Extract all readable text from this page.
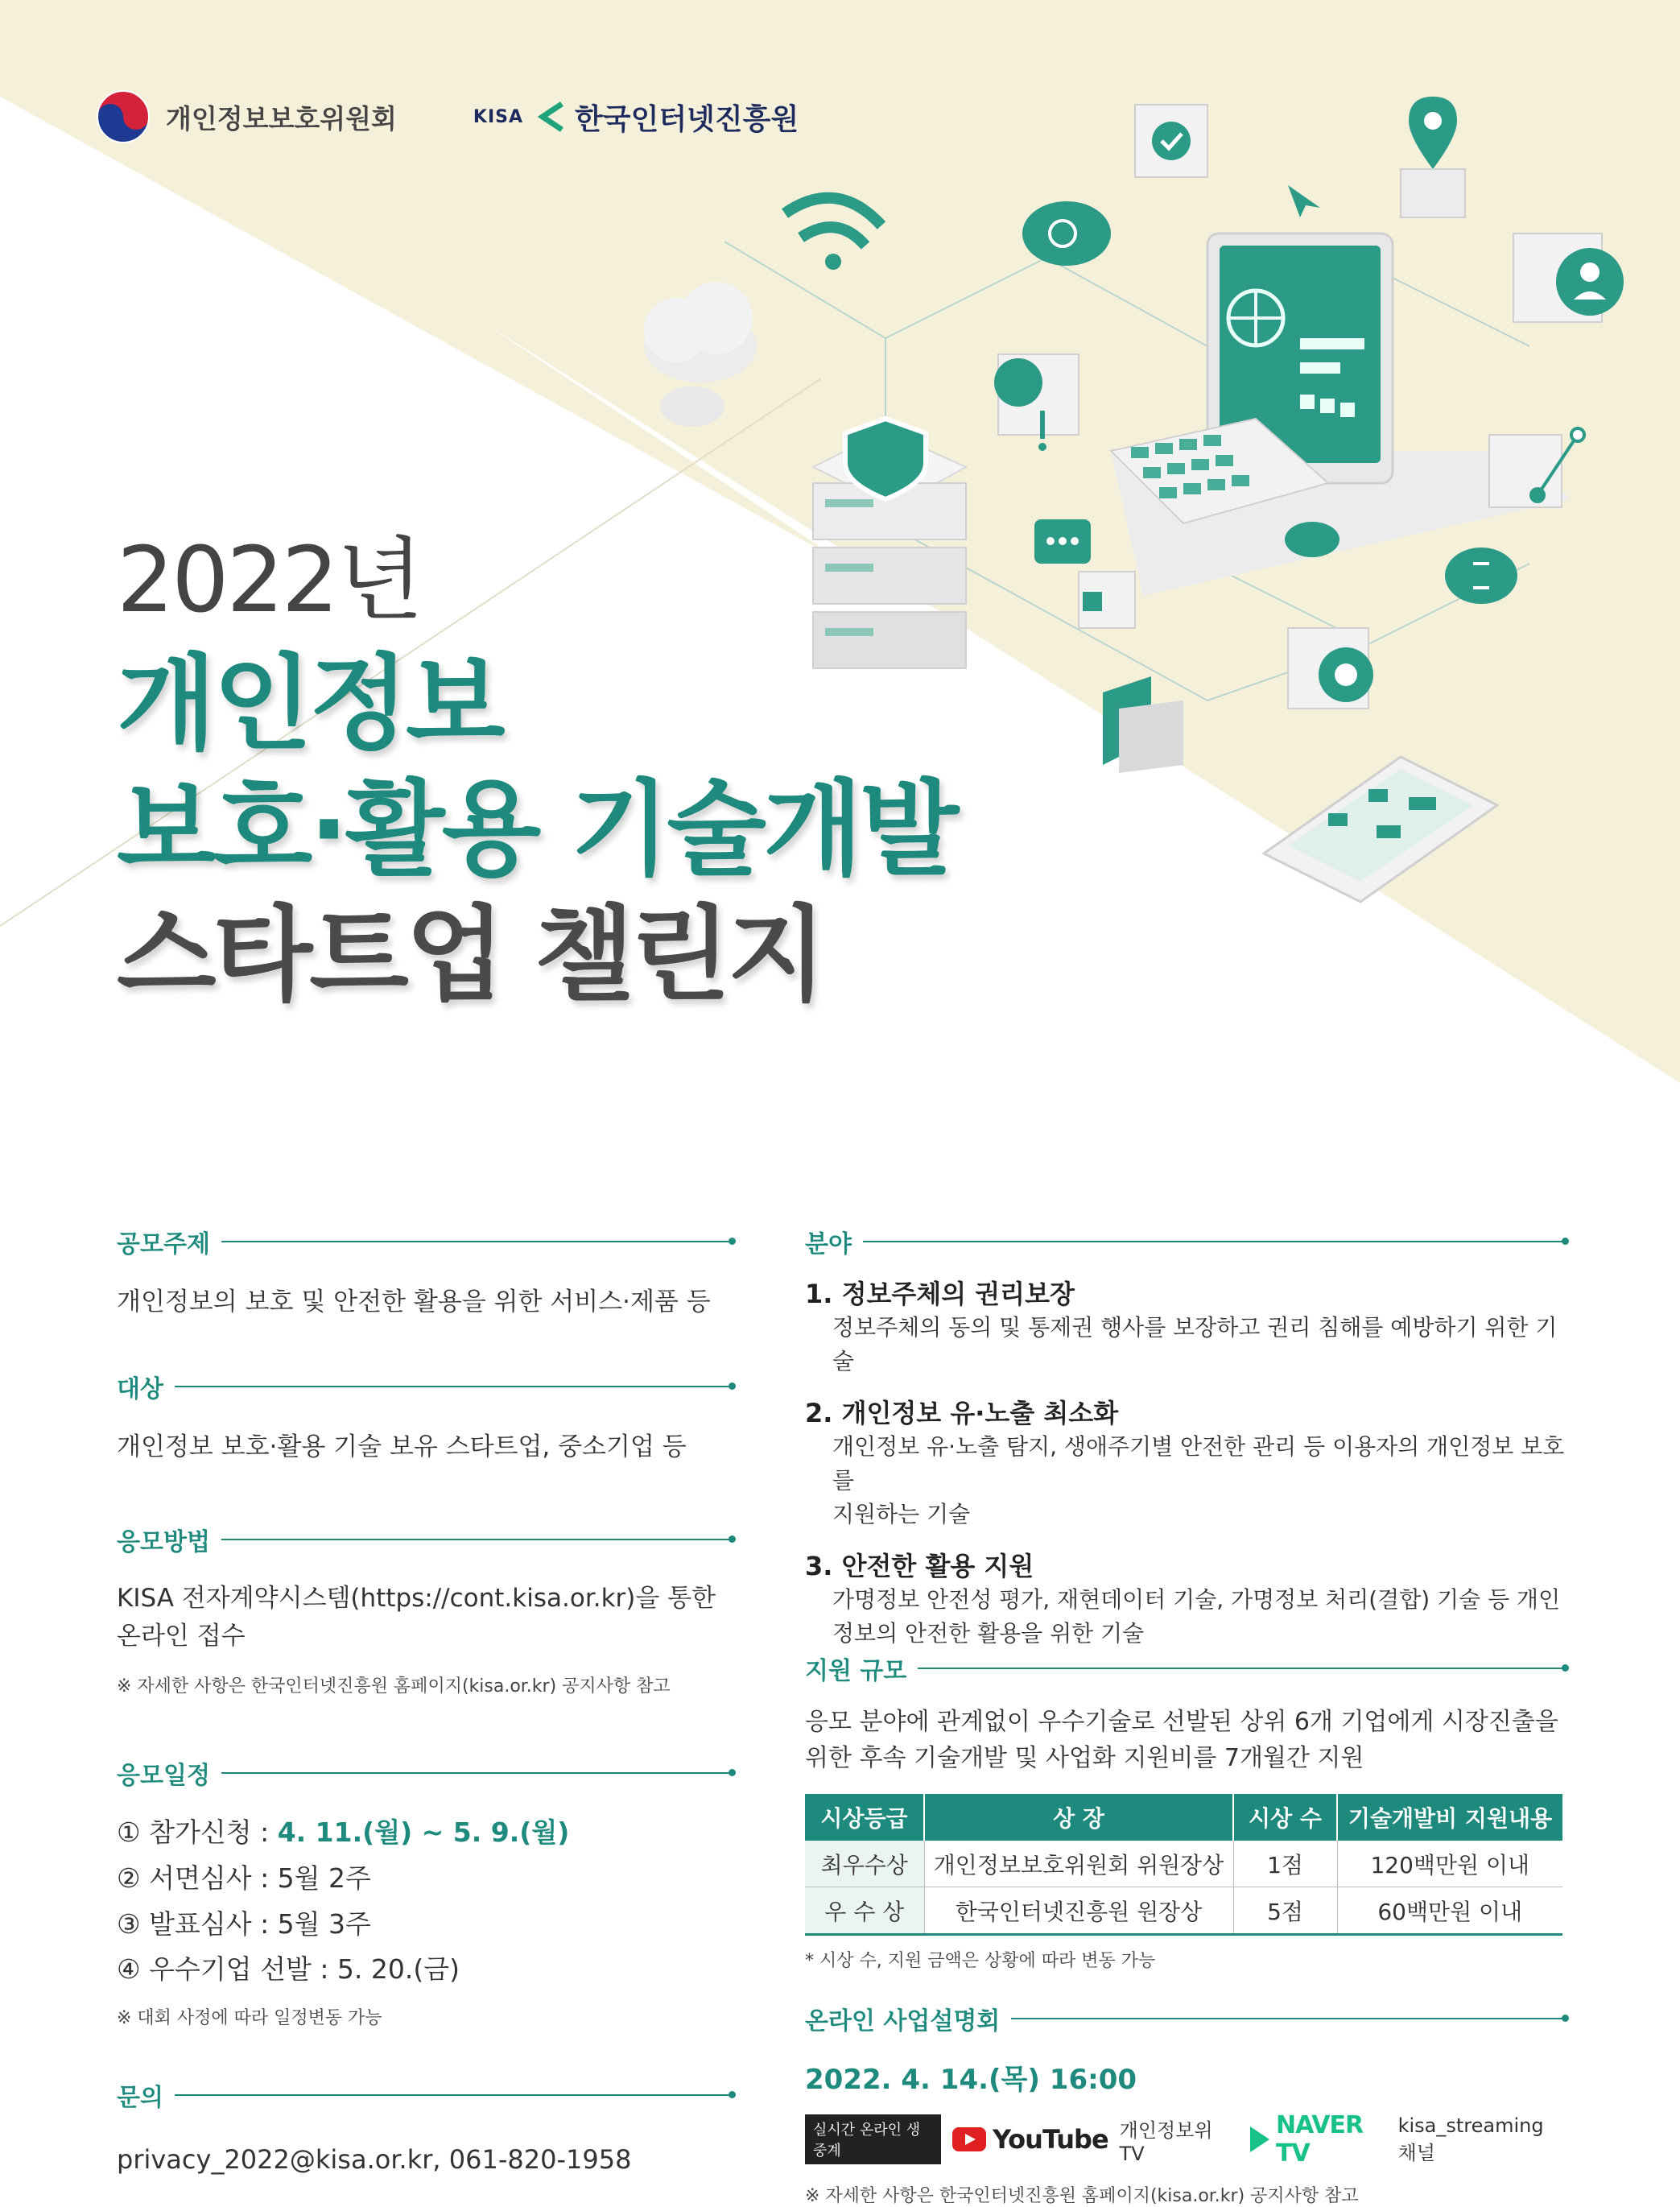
개인정보보호위원회	KISA 한국인터넷진흥원
2022년
개인정보
보호·활용 기술개발
스타트업 챌린지
공모주제
개인정보의 보호 및 안전한 활용을 위한 서비스·제품 등
대상
개인정보 보호·활용 기술 보유 스타트업, 중소기업 등
응모방법
KISA 전자계약시스템(https://cont.kisa.or.kr)을 통한
온라인 접수
※ 자세한 사항은 한국인터넷진흥원 홈페이지(kisa.or.kr) 공지사항 참고
응모일정
① 참가신청 : 4. 11.(월) ~ 5. 9.(월)
② 서면심사 : 5월 2주
③ 발표심사 : 5월 3주
④ 우수기업 선발 : 5. 20.(금)
※ 대회 사정에 따라 일정변동 가능
문의
privacy_2022@kisa.or.kr, 061-820-1958
분야
1. 정보주체의 권리보장
정보주체의 동의 및 통제권 행사를 보장하고 권리 침해를 예방하기 위한 기술
2. 개인정보 유·노출 최소화
개인정보 유·노출 탐지, 생애주기별 안전한 관리 등 이용자의 개인정보 보호를
지원하는 기술
3. 안전한 활용 지원
가명정보 안전성 평가, 재현데이터 기술, 가명정보 처리(결합) 기술 등 개인
정보의 안전한 활용을 위한 기술
지원 규모
응모 분야에 관계없이 우수기술로 선발된 상위 6개 기업에게 시장진출을
위한 후속 기술개발 및 사업화 지원비를 7개월간 지원
시상등급	상 장	시상 수	기술개발비 지원내용
최우수상	개인정보보호위원회 위원장상	1점	120백만원 이내
우 수 상	한국인터넷진흥원 원장상	5점	60백만원 이내
* 시상 수, 지원 금액은 상황에 따라 변동 가능
온라인 사업설명회
2022. 4. 14.(목) 16:00
실시간 온라인 생중계	YouTube 개인정보위TV
NAVER TV
kisa_streaming 채널
※ 자세한 사항은 한국인터넷진흥원 홈페이지(kisa.or.kr) 공지사항 참고
